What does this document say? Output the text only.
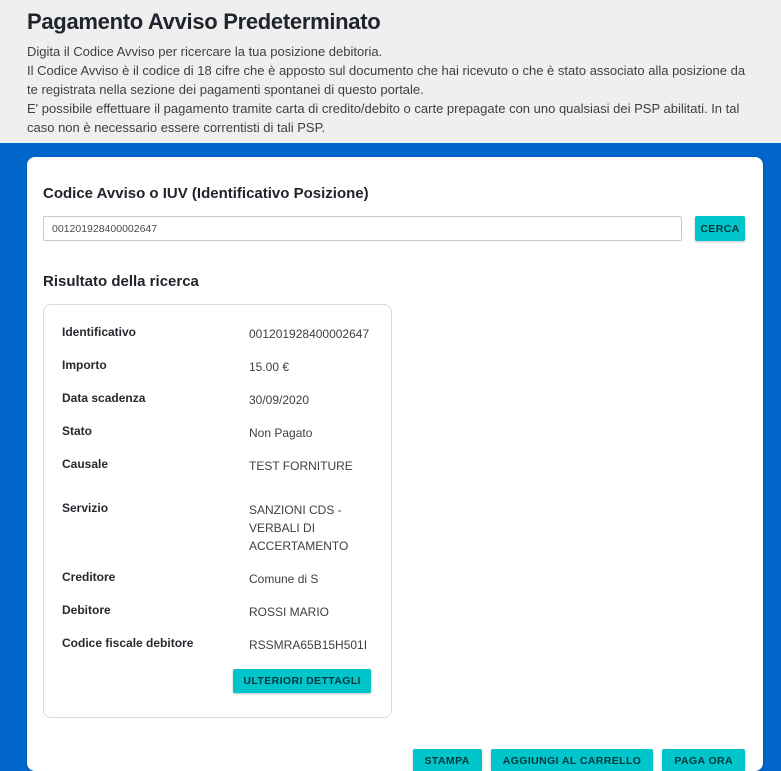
Pagamento Avviso Predeterminato

Digita il Codice Avviso per ricercare la tua posizione debitoria.

Il Codice Avviso è il codice di 18 cifre che è apposto sul documento che hai ricevuto o che è stato associato alla posizione da te registrata nella sezione dei pagamenti spontanei di questo portale.

E' possibile effettuare il pagamento tramite carta di credito/debito o carte prepagate con uno qualsiasi dei PSP abilitati. In tal caso non è necessario essere correntisti di tali PSP.

Codice Avviso o IUV (Identificativo Posizione)
001201928400002647
CERCA
Risultato della ricerca
Identificativo	001201928400002647
Importo	15.00 €
Data scadenza	30/09/2020
Stato	Non Pagato
Causale	TEST FORNITURE
Servizio	SANZIONI CDS - VERBALI DI ACCERTAMENTO
Creditore	Comune di S
Debitore	ROSSI MARIO
Codice fiscale debitore	RSSMRA65B15H501I
ULTERIORI DETTAGLI
STAMPA	AGGIUNGI AL CARRELLO	PAGA ORA
